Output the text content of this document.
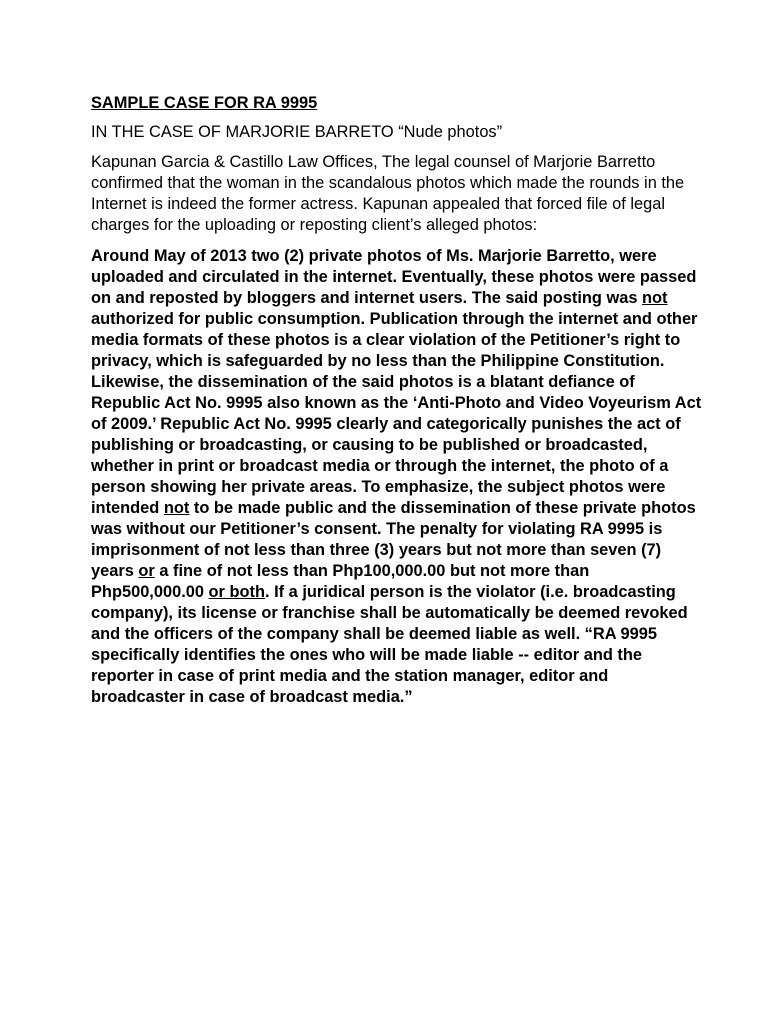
SAMPLE CASE FOR RA 9995
IN THE CASE OF MARJORIE BARRETO “Nude photos”
Kapunan Garcia & Castillo Law Offices, The legal counsel of Marjorie Barretto confirmed that the woman in the scandalous photos which made the rounds in the Internet is indeed the former actress. Kapunan appealed that forced file of legal charges for the uploading or reposting client’s alleged photos:
Around May of 2013 two (2) private photos of Ms. Marjorie Barretto, were uploaded and circulated in the internet. Eventually, these photos were passed on and reposted by bloggers and internet users. The said posting was not authorized for public consumption. Publication through the internet and other media formats of these photos is a clear violation of the Petitioner’s right to privacy, which is safeguarded by no less than the Philippine Constitution. Likewise, the dissemination of the said photos is a blatant defiance of Republic Act No. 9995 also known as the ‘Anti-Photo and Video Voyeurism Act of 2009.’ Republic Act No. 9995 clearly and categorically punishes the act of publishing or broadcasting, or causing to be published or broadcasted, whether in print or broadcast media or through the internet, the photo of a person showing her private areas. To emphasize, the subject photos were intended not to be made public and the dissemination of these private photos was without our Petitioner’s consent. The penalty for violating RA 9995 is imprisonment of not less than three (3) years but not more than seven (7) years or a fine of not less than Php100,000.00 but not more than Php500,000.00 or both. If a juridical person is the violator (i.e. broadcasting company), its license or franchise shall be automatically be deemed revoked and the officers of the company shall be deemed liable as well. “RA 9995 specifically identifies the ones who will be made liable -- editor and the reporter in case of print media and the station manager, editor and broadcaster in case of broadcast media.”
